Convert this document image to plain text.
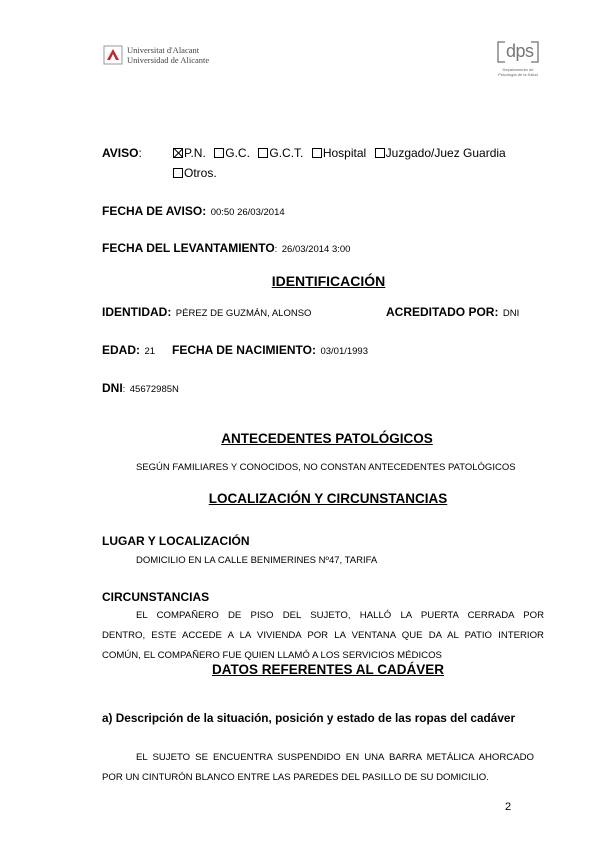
Universitat d'Alacant
Universidad de Alicante	dps
Departamento de
Psicología de la Salud
AVISO:	P.N. G.C. G.C.T. Hospital Juzgado/Juez Guardia
Otros.
FECHA DE AVISO: 00:50 26/03/2014
FECHA DEL LEVANTAMIENTO: 26/03/2014 3:00
IDENTIFICACIÓN
IDENTIDAD: PÉREZ DE GUZMÁN, ALONSO	ACREDITADO POR: DNI
EDAD: 21 FECHA DE NACIMIENTO: 03/01/1993
DNI: 45672985N
ANTECEDENTES PATOLÓGICOS
SEGÚN FAMILIARES Y CONOCIDOS, NO CONSTAN ANTECEDENTES PATOLÓGICOS
LOCALIZACIÓN Y CIRCUNSTANCIAS
LUGAR Y LOCALIZACIÓN
DOMICILIO EN LA CALLE BENIMERINES Nº47, TARIFA
CIRCUNSTANCIAS
EL COMPAÑERO DE PISO DEL SUJETO, HALLÓ LA PUERTA CERRADA POR
DENTRO, ESTE ACCEDE A LA VIVIENDA POR LA VENTANA QUE DA AL PATIO INTERIOR
COMÚN, EL COMPAÑERO FUE QUIEN LLAMÓ A LOS SERVICIOS MÉDICOS
DATOS REFERENTES AL CADÁVER
a) Descripción de la situación, posición y estado de las ropas del cadáver
EL SUJETO SE ENCUENTRA SUSPENDIDO EN UNA BARRA METÁLICA AHORCADO
POR UN CINTURÓN BLANCO ENTRE LAS PAREDES DEL PASILLO DE SU DOMICILIO.
2
